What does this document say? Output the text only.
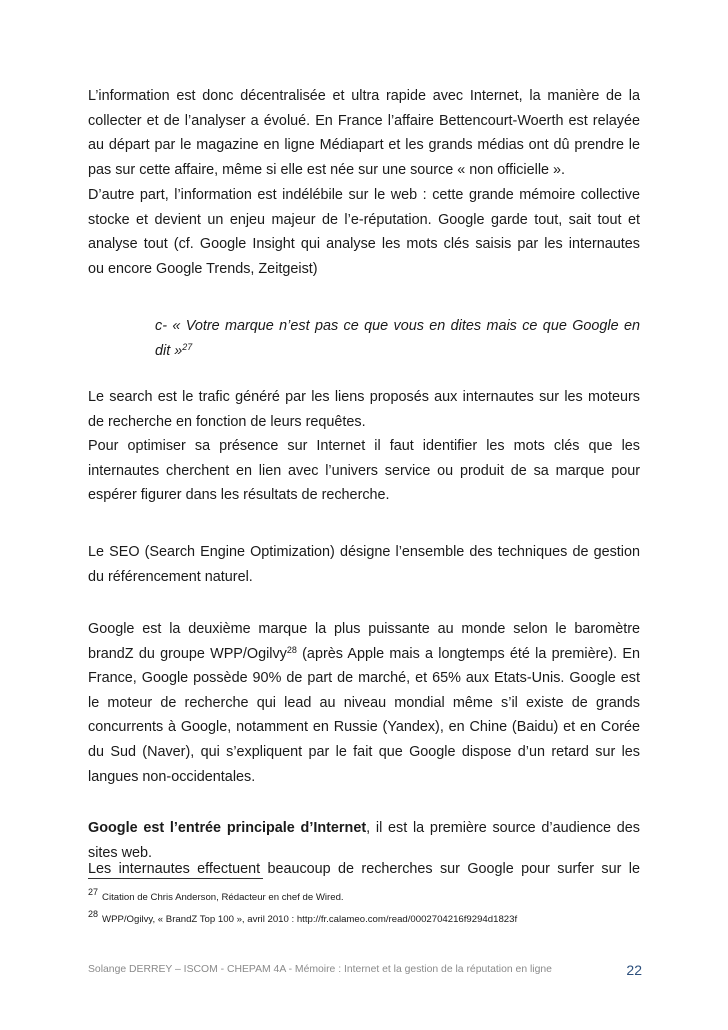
L’information est donc décentralisée et ultra rapide avec Internet, la manière de la

collecter et de l’analyser a évolué. En France l’affaire Bettencourt-Woerth est relayée

au départ par le magazine en ligne Médiapart et les grands médias ont dû prendre le

pas sur cette affaire, même si elle est née sur une source « non officielle ».

D’autre part, l’information est indélébile sur le web : cette grande mémoire collective

stocke et devient un enjeu majeur de l’e-réputation. Google garde tout, sait tout et

analyse tout (cf. Google Insight qui analyse les mots clés saisis par les internautes

ou encore Google Trends, Zeitgeist)

c- « Votre marque n’est pas ce que vous en dites mais ce que Google en

dit »$^{27}$

Le search est le trafic généré par les liens proposés aux internautes sur les moteurs

de recherche en fonction de leurs requêtes.

Pour optimiser sa présence sur Internet il faut identifier les mots clés que les

internautes cherchent en lien avec l’univers service ou produit de sa marque pour

espérer figurer dans les résultats de recherche.

Le SEO (Search Engine Optimization) désigne l’ensemble des techniques de gestion

du référencement naturel.

Google est la deuxième marque la plus puissante au monde selon le baromètre

brandZ du groupe WPP/Ogilvy$^{28}$ (après Apple mais a longtemps été la première). En

France, Google possède 90% de part de marché, et 65% aux Etats-Unis. Google est

le moteur de recherche qui lead au niveau mondial même s’il existe de grands

concurrents à Google, notamment en Russie (Yandex), en Chine (Baidu) et en Corée

du Sud (Naver), qui s’expliquent par le fait que Google dispose d’un retard sur les

langues non-occidentales.

Google est l’entrée principale d’Internet, il est la première source d’audience des

sites web.

Les internautes effectuent beaucoup de recherches sur Google pour surfer sur le

27 Citation de Chris Anderson, Rédacteur en chef de Wired.
28 WPP/Ogilvy, « BrandZ Top 100 », avril 2010 : http://fr.calameo.com/read/0002704216f9294d1823f
Solange DERREY – ISCOM - CHEPAM 4A - Mémoire : Internet et la gestion de la réputation en ligne	22
